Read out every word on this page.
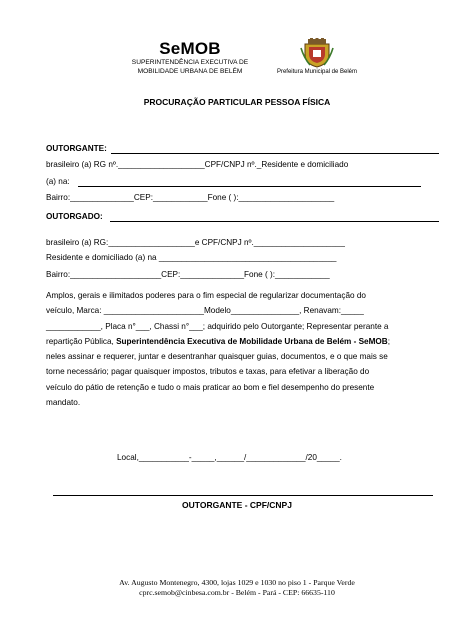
SeMOB
SUPERINTENDÊNCIA EXECUTIVA DE
MOBILIDADE URBANA DE BELÉM	Prefeitura Municipal de Belém
PROCURAÇÃO PARTICULAR PESSOA FÍSICA
OUTORGANTE:
brasileiro (a) RG nº.___________________CPF/CNPJ nº._Residente e domiciliado
(a) na:
Bairro:______________CEP:____________Fone ( ):_____________________
OUTORGADO:
brasileiro (a) RG:___________________e CPF/CNPJ nº.____________________
Residente e domiciliado (a) na _______________________________________
Bairro:____________________CEP:______________Fone ( ):____________
Amplos, gerais e ilimitados poderes para o fim especial de regularizar documentação do
veículo, Marca: ______________________Modelo_______________, Renavam:_____
____________, Placa n°___, Chassi n°___; adquirido pelo Outorgante; Representar perante a
repartição Pública, Superintendência Executiva de Mobilidade Urbana de Belém - SeMOB;
neles assinar e requerer, juntar e desentranhar quaisquer guias, documentos, e o que mais se
torne necessário; pagar quaisquer impostos, tributos e taxas, para efetivar a liberação do
veículo do pátio de retenção e tudo o mais praticar ao bom e fiel desempenho do presente
mandato.
Local,___________-_____,______/_____________/20_____.
OUTORGANTE - CPF/CNPJ
Av. Augusto Montenegro, 4300, lojas 1029 e 1030 no piso 1 - Parque Verde
cprc.semob@cinbesa.com.br - Belém - Pará - CEP: 66635-110
